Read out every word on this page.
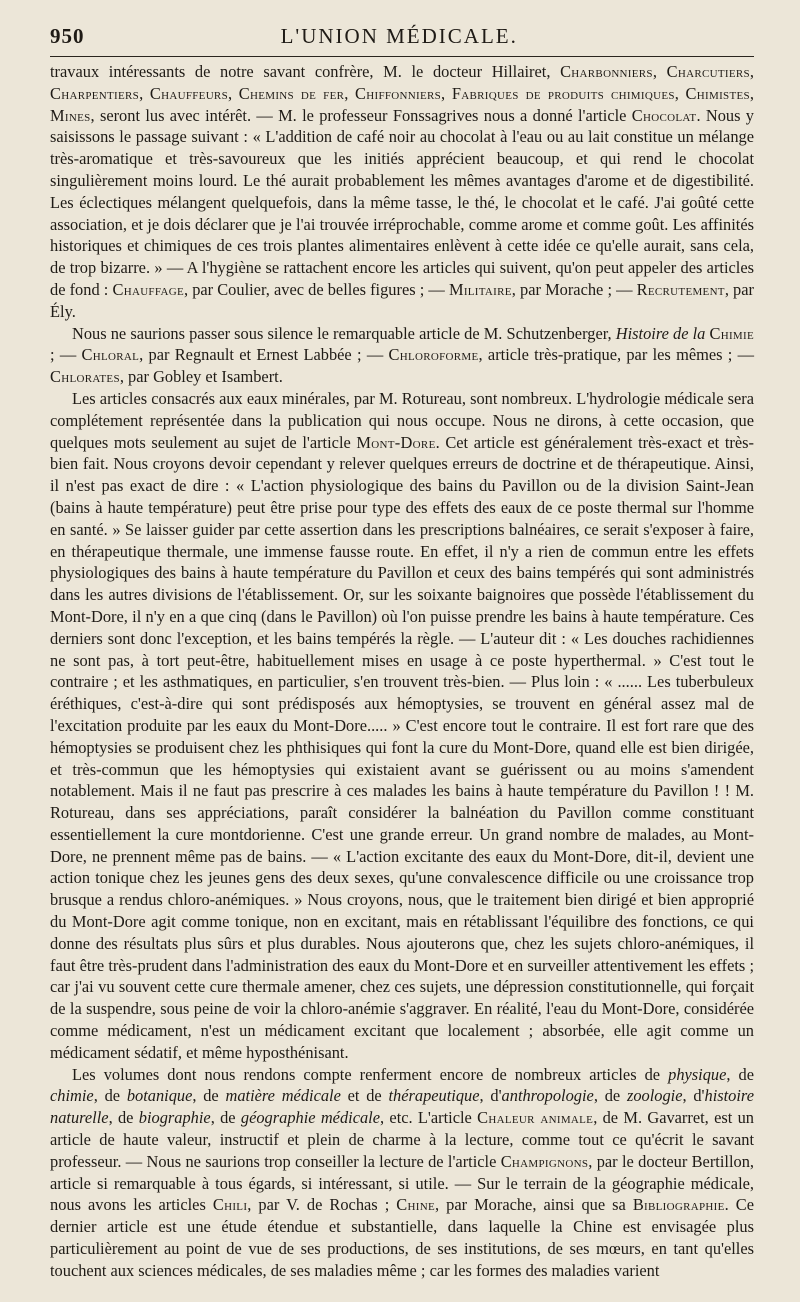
950	L'UNION MÉDICALE.

travaux intéressants de notre savant confrère, M. le docteur Hillairet, Charbonniers, Charcutiers, Charpentiers, Chauffeurs, Chemins de fer, Chiffonniers, Fabriques de produits chimiques, Chimistes, Mines, seront lus avec intérêt. — M. le professeur Fonssagrives nous a donné l'article Chocolat. Nous y saisissons le passage suivant : « L'addition de café noir au chocolat à l'eau ou au lait constitue un mélange très-aromatique et très-savoureux que les initiés apprécient beaucoup, et qui rend le chocolat singulièrement moins lourd. Le thé aurait probablement les mêmes avantages d'arome et de digestibilité. Les éclectiques mélangent quelquefois, dans la même tasse, le thé, le chocolat et le café. J'ai goûté cette association, et je dois déclarer que je l'ai trouvée irréprochable, comme arome et comme goût. Les affinités historiques et chimiques de ces trois plantes alimentaires enlèvent à cette idée ce qu'elle aurait, sans cela, de trop bizarre. » — A l'hygiène se rattachent encore les articles qui suivent, qu'on peut appeler des articles de fond : Chauffage, par Coulier, avec de belles figures ; — Militaire, par Morache ; — Recrutement, par Ély.

Nous ne saurions passer sous silence le remarquable article de M. Schutzenberger, Histoire de la Chimie ; — Chloral, par Regnault et Ernest Labbée ; — Chloroforme, article très-pratique, par les mêmes ; — Chlorates, par Gobley et Isambert.

Les articles consacrés aux eaux minérales, par M. Rotureau, sont nombreux. L'hydrologie médicale sera complétement représentée dans la publication qui nous occupe. Nous ne dirons, à cette occasion, que quelques mots seulement au sujet de l'article Mont-Dore. Cet article est généralement très-exact et très-bien fait. Nous croyons devoir cependant y relever quelques erreurs de doctrine et de thérapeutique. Ainsi, il n'est pas exact de dire : « L'action physiologique des bains du Pavillon ou de la division Saint-Jean (bains à haute température) peut être prise pour type des effets des eaux de ce poste thermal sur l'homme en santé. » Se laisser guider par cette assertion dans les prescriptions balnéaires, ce serait s'exposer à faire, en thérapeutique thermale, une immense fausse route. En effet, il n'y a rien de commun entre les effets physiologiques des bains à haute température du Pavillon et ceux des bains tempérés qui sont administrés dans les autres divisions de l'établissement. Or, sur les soixante baignoires que possède l'établissement du Mont-Dore, il n'y en a que cinq (dans le Pavillon) où l'on puisse prendre les bains à haute température. Ces derniers sont donc l'exception, et les bains tempérés la règle. — L'auteur dit : « Les douches rachidiennes ne sont pas, à tort peut-être, habituellement mises en usage à ce poste hyperthermal. » C'est tout le contraire ; et les asthmatiques, en particulier, s'en trouvent très-bien. — Plus loin : « ...... Les tuberbuleux éréthiques, c'est-à-dire qui sont prédisposés aux hémoptysies, se trouvent en général assez mal de l'excitation produite par les eaux du Mont-Dore..... » C'est encore tout le contraire. Il est fort rare que des hémoptysies se produisent chez les phthisiques qui font la cure du Mont-Dore, quand elle est bien dirigée, et très-commun que les hémoptysies qui existaient avant se guérissent ou au moins s'amendent notablement. Mais il ne faut pas prescrire à ces malades les bains à haute température du Pavillon ! ! M. Rotureau, dans ses appréciations, paraît considérer la balnéation du Pavillon comme constituant essentiellement la cure montdorienne. C'est une grande erreur. Un grand nombre de malades, au Mont-Dore, ne prennent même pas de bains. — « L'action excitante des eaux du Mont-Dore, dit-il, devient une action tonique chez les jeunes gens des deux sexes, qu'une convalescence difficile ou une croissance trop brusque a rendus chloro-anémiques. » Nous croyons, nous, que le traitement bien dirigé et bien approprié du Mont-Dore agit comme tonique, non en excitant, mais en rétablissant l'équilibre des fonctions, ce qui donne des résultats plus sûrs et plus durables. Nous ajouterons que, chez les sujets chloro-anémiques, il faut être très-prudent dans l'administration des eaux du Mont-Dore et en surveiller attentivement les effets ; car j'ai vu souvent cette cure thermale amener, chez ces sujets, une dépression constitutionnelle, qui forçait de la suspendre, sous peine de voir la chloro-anémie s'aggraver. En réalité, l'eau du Mont-Dore, considérée comme médicament, n'est un médicament excitant que localement ; absorbée, elle agit comme un médicament sédatif, et même hyposthénisant.

Les volumes dont nous rendons compte renferment encore de nombreux articles de physique, de chimie, de botanique, de matière médicale et de thérapeutique, d'anthropologie, de zoologie, d'histoire naturelle, de biographie, de géographie médicale, etc. L'article Chaleur animale, de M. Gavarret, est un article de haute valeur, instructif et plein de charme à la lecture, comme tout ce qu'écrit le savant professeur. — Nous ne saurions trop conseiller la lecture de l'article Champignons, par le docteur Bertillon, article si remarquable à tous égards, si intéressant, si utile. — Sur le terrain de la géographie médicale, nous avons les articles Chili, par V. de Rochas ; Chine, par Morache, ainsi que sa Bibliographie. Ce dernier article est une étude étendue et substantielle, dans laquelle la Chine est envisagée plus particulièrement au point de vue de ses productions, de ses institutions, de ses mœurs, en tant qu'elles touchent aux sciences médicales, de ses maladies même ; car les formes des maladies varient
